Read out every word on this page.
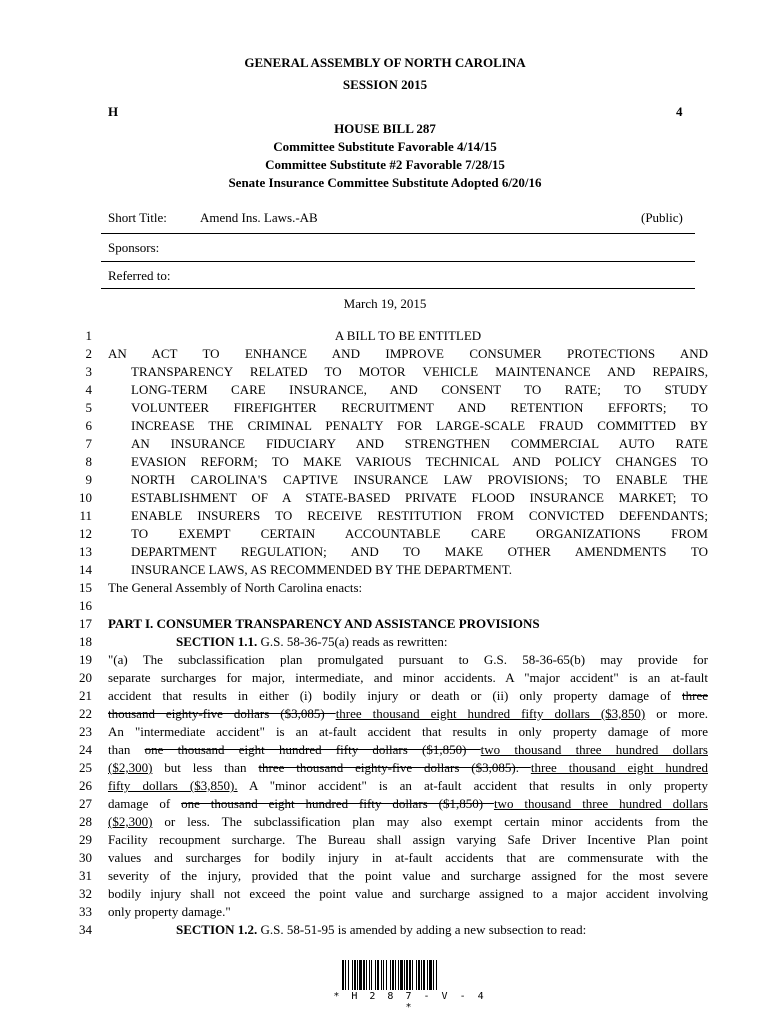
GENERAL ASSEMBLY OF NORTH CAROLINA
SESSION 2015
H	4
HOUSE BILL 287
Committee Substitute Favorable 4/14/15
Committee Substitute #2 Favorable 7/28/15
Senate Insurance Committee Substitute Adopted 6/20/16
Short Title:	Amend Ins. Laws.-AB	(Public)
Sponsors:
Referred to:
March 19, 2015
1	A BILL TO BE ENTITLED
2 AN ACT TO ENHANCE AND IMPROVE CONSUMER PROTECTIONS AND
3	TRANSPARENCY RELATED TO MOTOR VEHICLE MAINTENANCE AND REPAIRS,
4	LONG-TERM CARE INSURANCE, AND CONSENT TO RATE; TO STUDY
5	VOLUNTEER FIREFIGHTER RECRUITMENT AND RETENTION EFFORTS; TO
6	INCREASE THE CRIMINAL PENALTY FOR LARGE-SCALE FRAUD COMMITTED BY
7	AN INSURANCE FIDUCIARY AND STRENGTHEN COMMERCIAL AUTO RATE
8	EVASION REFORM; TO MAKE VARIOUS TECHNICAL AND POLICY CHANGES TO
9	NORTH CAROLINA'S CAPTIVE INSURANCE LAW PROVISIONS; TO ENABLE THE
10	ESTABLISHMENT OF A STATE-BASED PRIVATE FLOOD INSURANCE MARKET; TO
11	ENABLE INSURERS TO RECEIVE RESTITUTION FROM CONVICTED DEFENDANTS;
12	TO EXEMPT CERTAIN ACCOUNTABLE CARE ORGANIZATIONS FROM
13	DEPARTMENT REGULATION; AND TO MAKE OTHER AMENDMENTS TO
14	INSURANCE LAWS, AS RECOMMENDED BY THE DEPARTMENT.
15 The General Assembly of North Carolina enacts:
16
17 PART I. CONSUMER TRANSPARENCY AND ASSISTANCE PROVISIONS
18	SECTION 1.1. G.S. 58-36-75(a) reads as rewritten:
19 "(a) The subclassification plan promulgated pursuant to G.S. 58-36-65(b) may provide for
20 separate surcharges for major, intermediate, and minor accidents. A "major accident" is an at-fault
21 accident that results in either (i) bodily injury or death or (ii) only property damage of three
22 thousand eighty-five dollars ($3,085) three thousand eight hundred fifty dollars ($3,850) or more.
23 An "intermediate accident" is an at-fault accident that results in only property damage of more
24 than one thousand eight hundred fifty dollars ($1,850) two thousand three hundred dollars
25 ($2,300) but less than three thousand eighty-five dollars ($3,085). three thousand eight hundred
26 fifty dollars ($3,850). A "minor accident" is an at-fault accident that results in only property
27 damage of one thousand eight hundred fifty dollars ($1,850) two thousand three hundred dollars
28 ($2,300) or less. The subclassification plan may also exempt certain minor accidents from the
29 Facility recoupment surcharge. The Bureau shall assign varying Safe Driver Incentive Plan point
30 values and surcharges for bodily injury in at-fault accidents that are commensurate with the
31 severity of the injury, provided that the point value and surcharge assigned for the most severe
32 bodily injury shall not exceed the point value and surcharge assigned to a major accident involving
33 only property damage."
34	SECTION 1.2. G.S. 58-51-95 is amended by adding a new subsection to read:
* H 2 8 7 - V - 4 *
